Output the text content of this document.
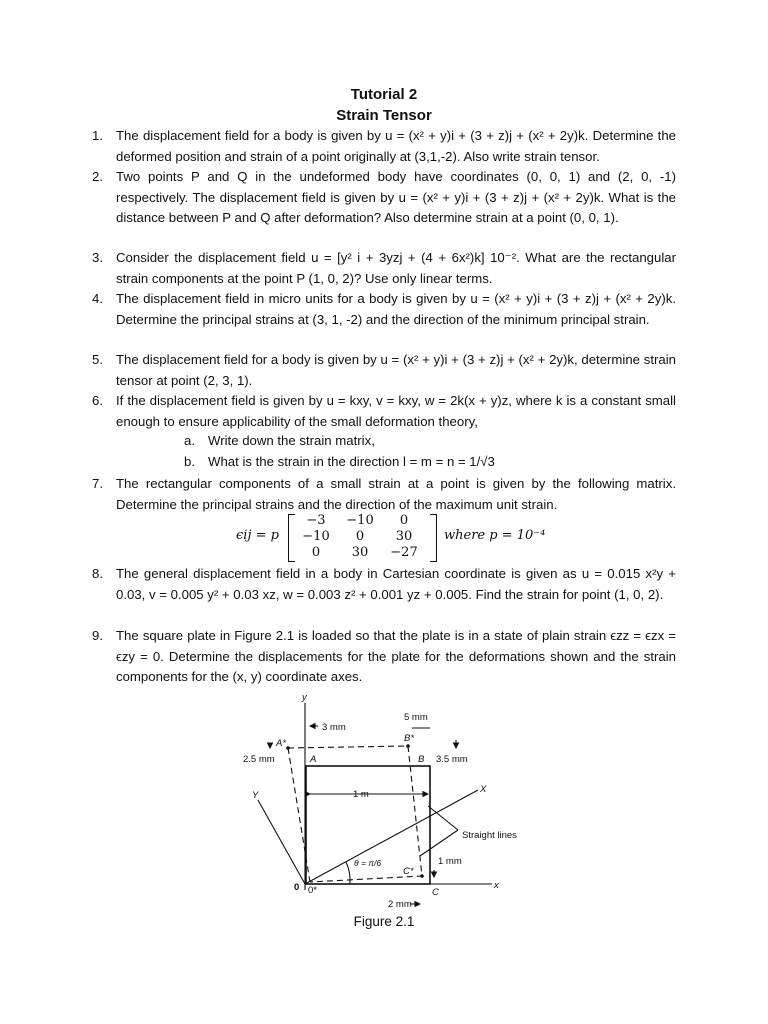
Tutorial 2
Strain Tensor
1. The displacement field for a body is given by u = (x² + y)i + (3 + z)j + (x² + 2y)k. Determine the deformed position and strain of a point originally at (3,1,-2). Also write strain tensor.
2. Two points P and Q in the undeformed body have coordinates (0, 0, 1) and (2, 0, -1) respectively. The displacement field is given by u = (x² + y)i + (3 + z)j + (x² + 2y)k. What is the distance between P and Q after deformation? Also determine strain at a point (0, 0, 1).
3. Consider the displacement field u = [y² i + 3yzj + (4 + 6x²)k] 10⁻². What are the rectangular strain components at the point P (1, 0, 2)? Use only linear terms.
4. The displacement field in micro units for a body is given by u = (x² + y)i + (3 + z)j + (x² + 2y)k. Determine the principal strains at (3, 1, -2) and the direction of the minimum principal strain.
5. The displacement field for a body is given by u = (x² + y)i + (3 + z)j + (x² + 2y)k, determine strain tensor at point (2, 3, 1).
6. If the displacement field is given by u = kxy, v = kxy, w = 2k(x + y)z, where k is a constant small enough to ensure applicability of the small deformation theory,
a. Write down the strain matrix,
b. What is the strain in the direction l = m = n = 1/√3
7. The rectangular components of a small strain at a point is given by the following matrix. Determine the principal strains and the direction of the maximum unit strain.
ϵij = p
−3	−10	0
−10	0	30
0	30	−27
where p = 10⁻⁴
8. The general displacement field in a body in Cartesian coordinate is given as u = 0.015 x²y + 0.03, v = 0.005 y² + 0.03 xz, w = 0.003 z² + 0.001 yz + 0.005. Find the strain for point (1, 0, 2).
9. The square plate in Figure 2.1 is loaded so that the plate is in a state of plain strain ϵzz = ϵzx = ϵzy = 0. Determine the displacements for the plate for the deformations shown and the strain components for the (x, y) coordinate axes.
y
Y
x
X
3 mm
5 mm
2.5 mm	3.5 mm
1 m
1 mm
2 mm
A
A*
B
B*
C
C*
0 0*
Straight lines
θ = π/6
Figure 2.1
